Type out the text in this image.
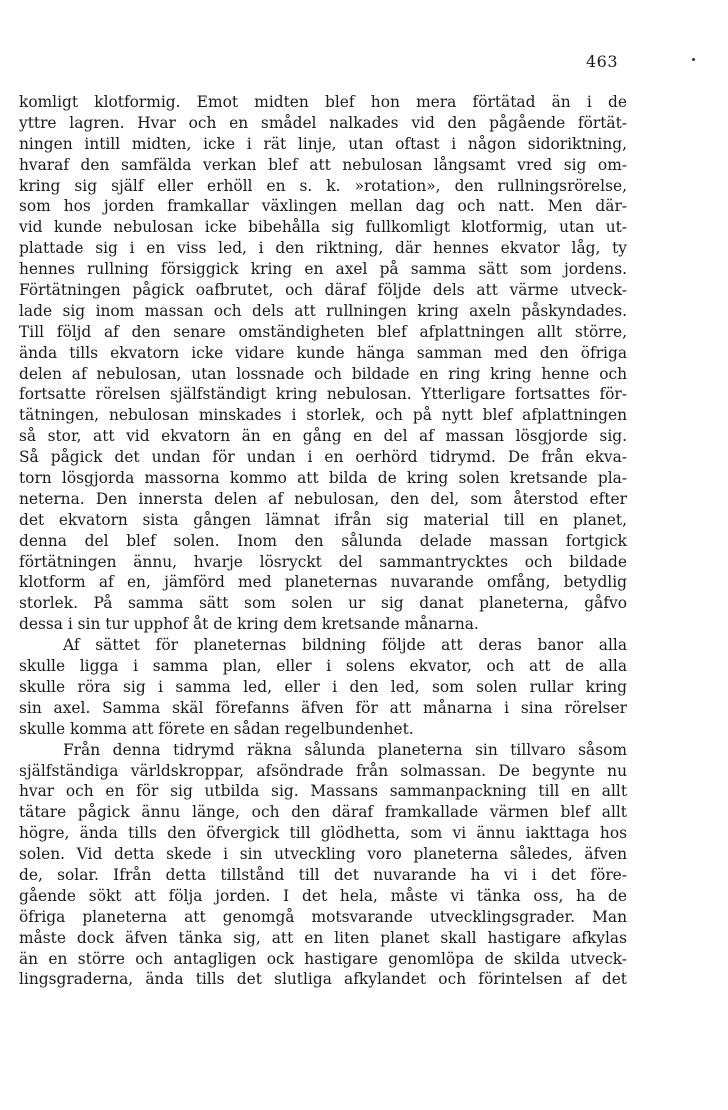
463
komligt klotformig. Emot midten blef hon mera förtätad än i de
yttre lagren. Hvar och en smådel nalkades vid den pågående förtät-
ningen intill midten, icke i rät linje, utan oftast i någon sidoriktning,
hvaraf den samfälda verkan blef att nebulosan långsamt vred sig om-
kring sig själf eller erhöll en s. k. »rotation», den rullningsrörelse,
som hos jorden framkallar växlingen mellan dag och natt. Men där-
vid kunde nebulosan icke bibehålla sig fullkomligt klotformig, utan ut-
plattade sig i en viss led, i den riktning, där hennes ekvator låg, ty
hennes rullning försiggick kring en axel på samma sätt som jordens.
Förtätningen pågick oafbrutet, och däraf följde dels att värme utveck-
lade sig inom massan och dels att rullningen kring axeln påskyndades.
Till följd af den senare omständigheten blef afplattningen allt större,
ända tills ekvatorn icke vidare kunde hänga samman med den öfriga
delen af nebulosan, utan lossnade och bildade en ring kring henne och
fortsatte rörelsen själfständigt kring nebulosan. Ytterligare fortsattes för-
tätningen, nebulosan minskades i storlek, och på nytt blef afplattningen
så stor, att vid ekvatorn än en gång en del af massan lösgjorde sig.
Så pågick det undan för undan i en oerhörd tidrymd. De från ekva-
torn lösgjorda massorna kommo att bilda de kring solen kretsande pla-
neterna. Den innersta delen af nebulosan, den del, som återstod efter
det ekvatorn sista gången lämnat ifrån sig material till en planet,
denna del blef solen. Inom den sålunda delade massan fortgick
förtätningen ännu, hvarje lösryckt del sammantrycktes och bildade
klotform af en, jämförd med planeternas nuvarande omfång, betydlig
storlek. På samma sätt som solen ur sig danat planeterna, gåfvo
dessa i sin tur upphof åt de kring dem kretsande månarna.
Af sättet för planeternas bildning följde att deras banor alla
skulle ligga i samma plan, eller i solens ekvator, och att de alla
skulle röra sig i samma led, eller i den led, som solen rullar kring
sin axel. Samma skäl förefanns äfven för att månarna i sina rörelser
skulle komma att förete en sådan regelbundenhet.
Från denna tidrymd räkna sålunda planeterna sin tillvaro såsom
själfständiga världskroppar, afsöndrade från solmassan. De begynte nu
hvar och en för sig utbilda sig. Massans sammanpackning till en allt
tätare pågick ännu länge, och den däraf framkallade värmen blef allt
högre, ända tills den öfvergick till glödhetta, som vi ännu iakttaga hos
solen. Vid detta skede i sin utveckling voro planeterna således, äfven
de, solar. Ifrån detta tillstånd till det nuvarande ha vi i det före-
gående sökt att följa jorden. I det hela, måste vi tänka oss, ha de
öfriga planeterna att genomgå motsvarande utvecklingsgrader. Man
måste dock äfven tänka sig, att en liten planet skall hastigare afkylas
än en större och antagligen ock hastigare genomlöpa de skilda utveck-
lingsgraderna, ända tills det slutliga afkylandet och förintelsen af det
